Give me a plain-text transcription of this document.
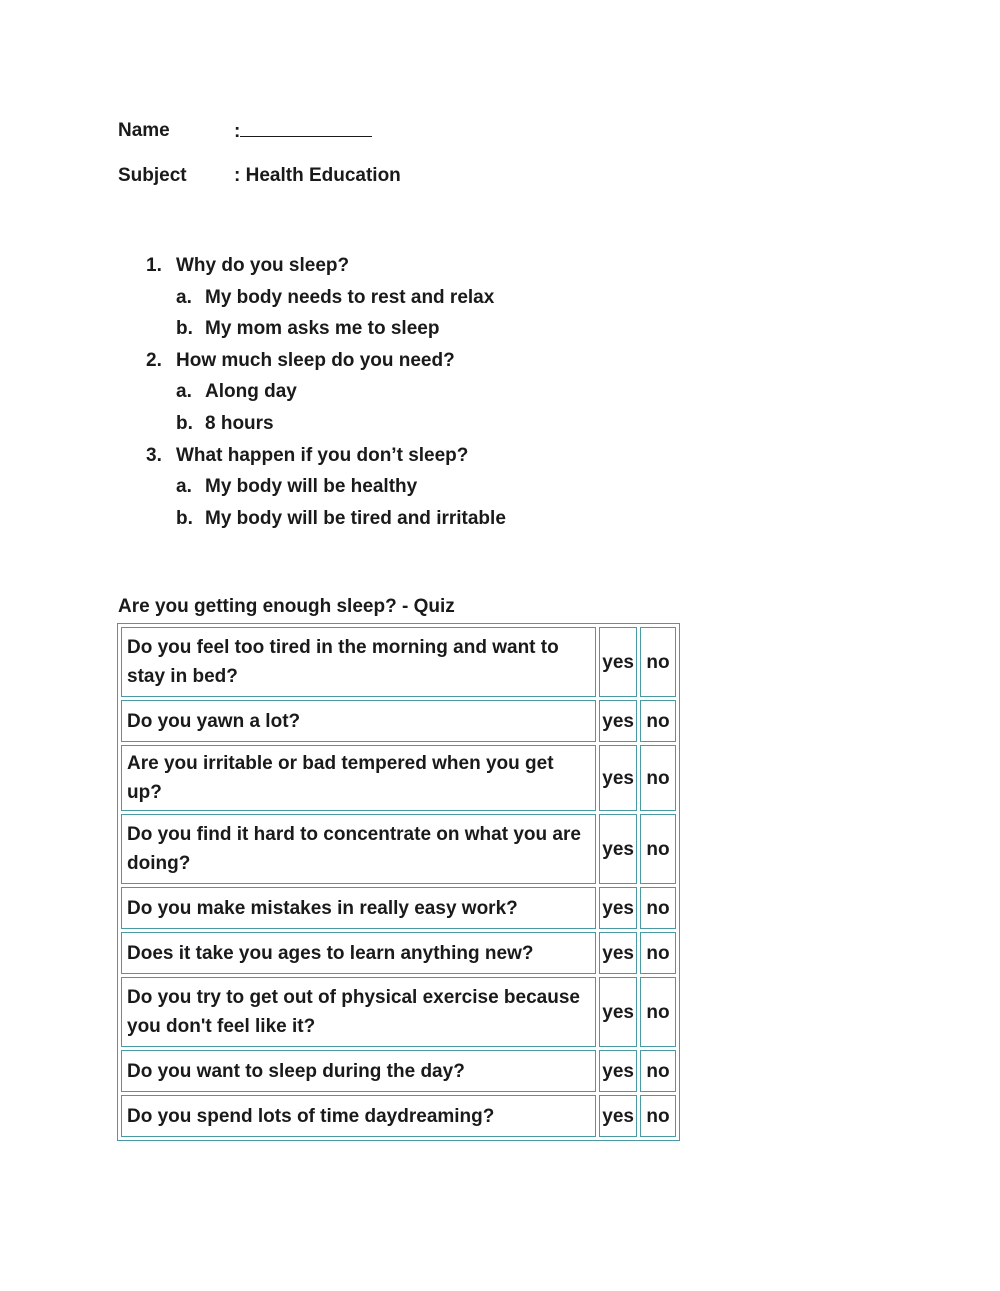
Name	:
Subject : Health Education
1. Why do you sleep?
a. My body needs to rest and relax
b. My mom asks me to sleep
2. How much sleep do you need?
a. Along day
b. 8 hours
3. What happen if you don’t sleep?
a. My body will be healthy
b. My body will be tired and irritable
Are you getting enough sleep? - Quiz
Do you feel too tired in the morning and want to stay in bed?	yes	no
Do you yawn a lot?	yes	no
Are you irritable or bad tempered when you get up?	yes	no
Do you find it hard to concentrate on what you are doing?	yes	no
Do you make mistakes in really easy work?	yes	no
Does it take you ages to learn anything new?	yes	no
Do you try to get out of physical exercise because you don't feel like it?	yes	no
Do you want to sleep during the day?	yes	no
Do you spend lots of time daydreaming?	yes	no
